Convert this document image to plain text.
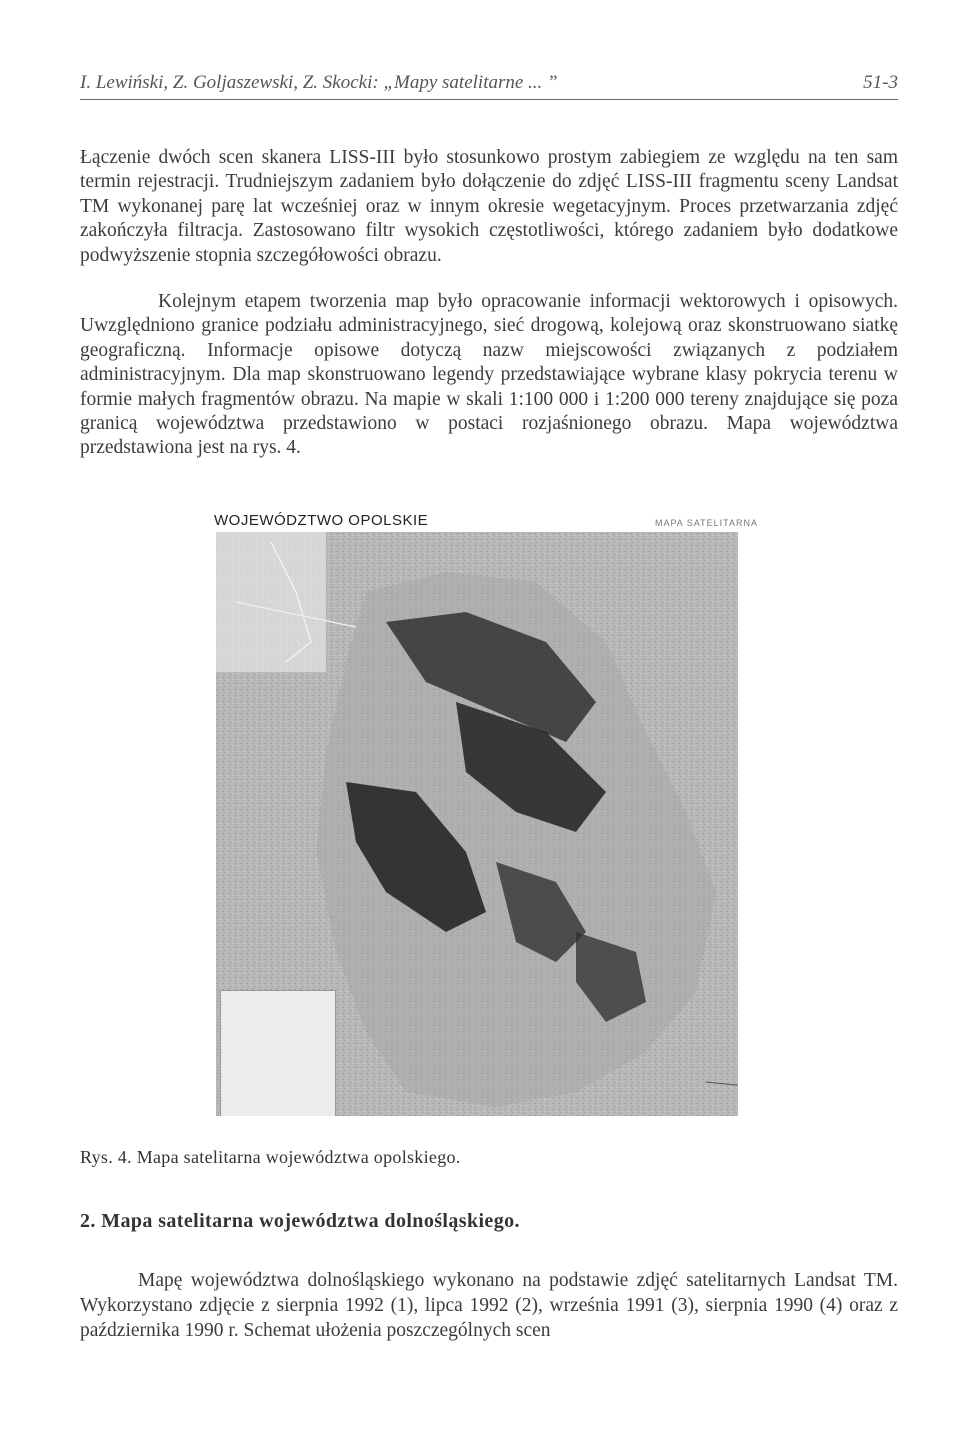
I. Lewiński, Z. Goljaszewski, Z. Skocki: „Mapy satelitarne ... ”	51-3

Łączenie dwóch scen skanera LISS-III było stosunkowo prostym zabiegiem ze względu na ten sam termin rejestracji. Trudniejszym zadaniem było dołączenie do zdjęć LISS-III fragmentu sceny Landsat TM wykonanej parę lat wcześniej oraz w innym okresie wegetacyjnym. Proces przetwarzania zdjęć zakończyła filtracja. Zastosowano filtr wysokich częstotliwości, którego zadaniem było dodatkowe podwyższenie stopnia szczegółowości obrazu.

Kolejnym etapem tworzenia map było opracowanie informacji wektorowych i opisowych. Uwzględniono granice podziału administracyjnego, sieć drogową, kolejową oraz skonstruowano siatkę geograficzną. Informacje opisowe dotyczą nazw miejscowości związanych z podziałem administracyjnym. Dla map skonstruowano legendy przedstawiające wybrane klasy pokrycia terenu w formie małych fragmentów obrazu. Na mapie w skali 1:100 000 i 1:200 000 tereny znajdujące się poza granicą województwa przedstawiono w postaci rozjaśnionego obrazu. Mapa województwa przedstawiona jest na rys. 4.

WOJEWÓDZTWO OPOLSKIE	MAPA SATELITARNA

Rys. 4. Mapa satelitarna województwa opolskiego.

2. Mapa satelitarna województwa dolnośląskiego.

Mapę województwa dolnośląskiego wykonano na podstawie zdjęć satelitarnych Landsat TM. Wykorzystano zdjęcie z sierpnia 1992 (1), lipca 1992 (2), września 1991 (3), sierpnia 1990 (4) oraz z października 1990 r. Schemat ułożenia poszczególnych scen
